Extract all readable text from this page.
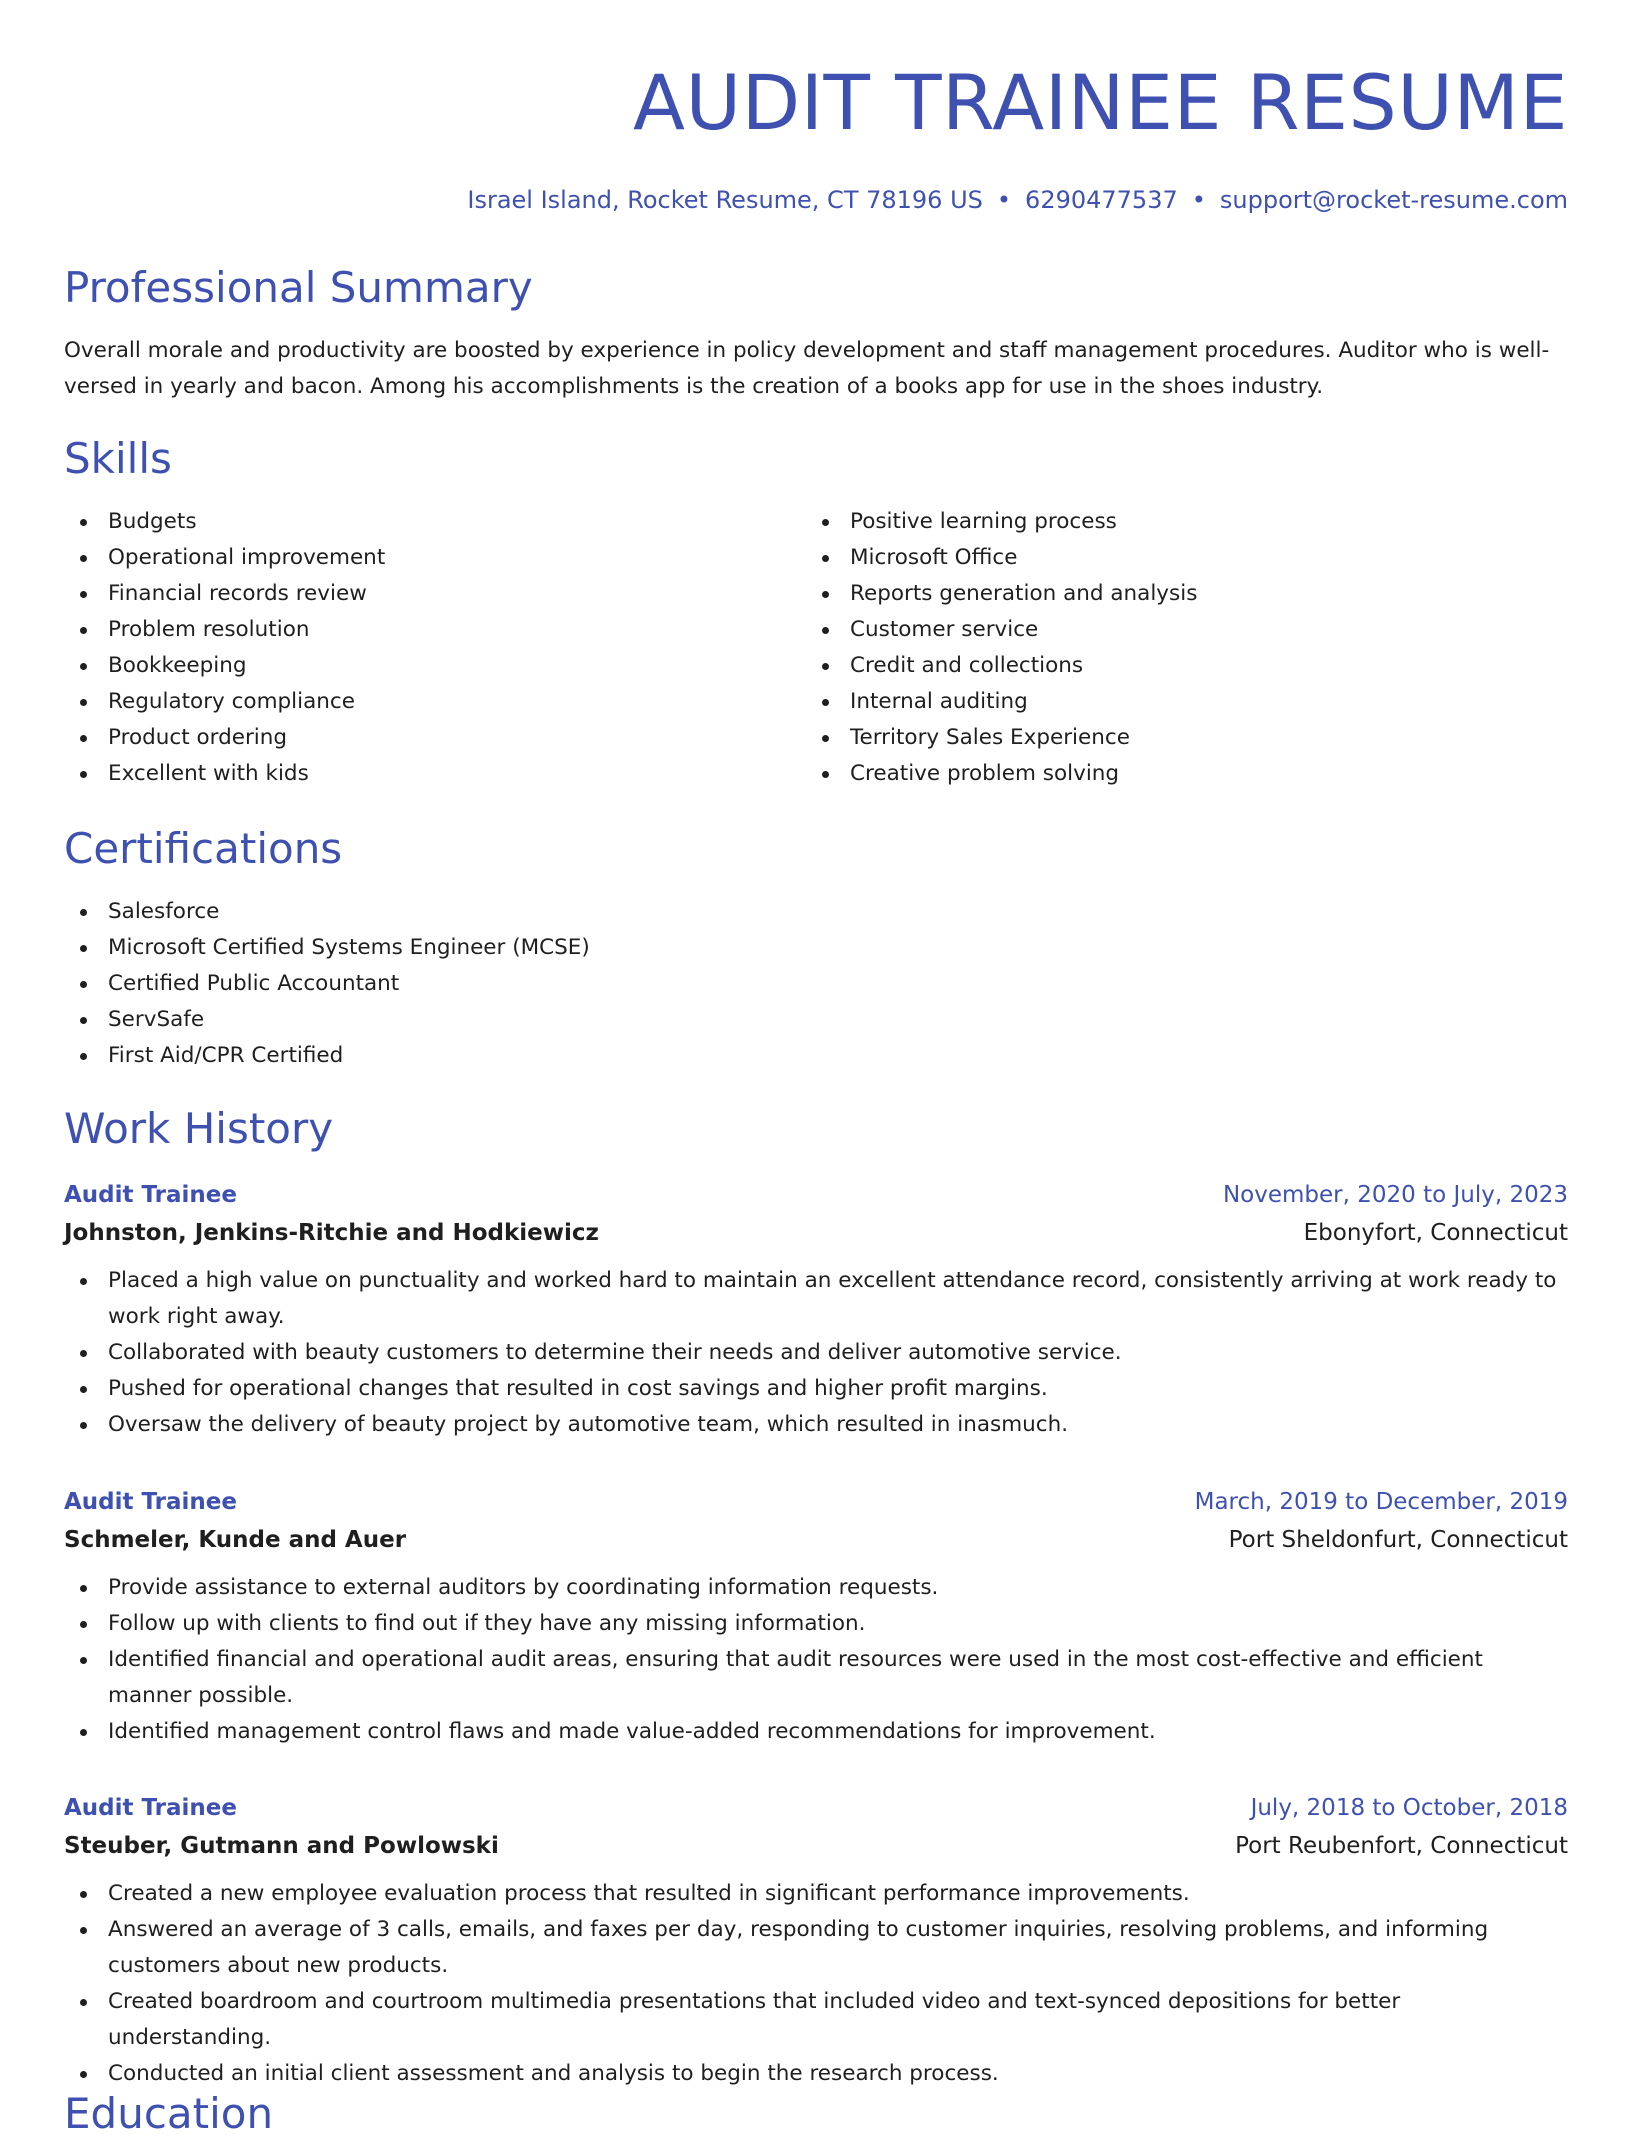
AUDIT TRAINEE RESUME
Israel Island, Rocket Resume, CT 78196 US • 6290477537 • support@rocket-resume.com
Professional Summary
Overall morale and productivity are boosted by experience in policy development and staff management procedures. Auditor who is well-versed in yearly and bacon. Among his accomplishments is the creation of a books app for use in the shoes industry.
Skills
Budgets
Operational improvement
Financial records review
Problem resolution
Bookkeeping
Regulatory compliance
Product ordering
Excellent with kids
Positive learning process
Microsoft Office
Reports generation and analysis
Customer service
Credit and collections
Internal auditing
Territory Sales Experience
Creative problem solving
Certifications
Salesforce
Microsoft Certified Systems Engineer (MCSE)
Certified Public Accountant
ServSafe
First Aid/CPR Certified
Work History
Audit Trainee	November, 2020 to July, 2023
Johnston, Jenkins-Ritchie and Hodkiewicz	Ebonyfort, Connecticut
Placed a high value on punctuality and worked hard to maintain an excellent attendance record, consistently arriving at work ready to work right away.
Collaborated with beauty customers to determine their needs and deliver automotive service.
Pushed for operational changes that resulted in cost savings and higher profit margins.
Oversaw the delivery of beauty project by automotive team, which resulted in inasmuch.
Audit Trainee	March, 2019 to December, 2019
Schmeler, Kunde and Auer	Port Sheldonfurt, Connecticut
Provide assistance to external auditors by coordinating information requests.
Follow up with clients to find out if they have any missing information.
Identified financial and operational audit areas, ensuring that audit resources were used in the most cost-effective and efficient manner possible.
Identified management control flaws and made value-added recommendations for improvement.
Audit Trainee	July, 2018 to October, 2018
Steuber, Gutmann and Powlowski	Port Reubenfort, Connecticut
Created a new employee evaluation process that resulted in significant performance improvements.
Answered an average of 3 calls, emails, and faxes per day, responding to customer inquiries, resolving problems, and informing customers about new products.
Created boardroom and courtroom multimedia presentations that included video and text-synced depositions for better understanding.
Conducted an initial client assessment and analysis to begin the research process.
Education
